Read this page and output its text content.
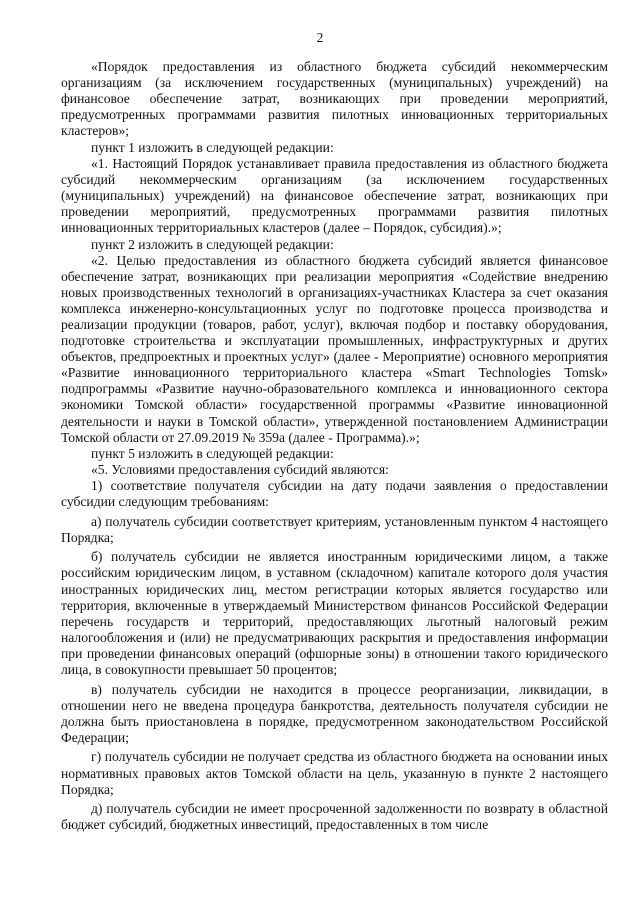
2

«Порядок предоставления из областного бюджета субсидий некоммерческим организациям (за исключением государственных (муниципальных) учреждений) на финансовое обеспечение затрат, возникающих при проведении мероприятий, предусмотренных программами развития пилотных инновационных территориальных кластеров»;

пункт 1 изложить в следующей редакции:

«1. Настоящий Порядок устанавливает правила предоставления из областного бюджета субсидий некоммерческим организациям (за исключением государственных (муниципальных) учреждений) на финансовое обеспечение затрат, возникающих при проведении мероприятий, предусмотренных программами развития пилотных инновационных территориальных кластеров (далее – Порядок, субсидия).»;

пункт 2 изложить в следующей редакции:

«2. Целью предоставления из областного бюджета субсидий является финансовое обеспечение затрат, возникающих при реализации мероприятия «Содействие внедрению новых производственных технологий в организациях-участниках Кластера за счет оказания комплекса инженерно-консультационных услуг по подготовке процесса производства и реализации продукции (товаров, работ, услуг), включая подбор и поставку оборудования, подготовке строительства и эксплуатации промышленных, инфраструктурных и других объектов, предпроектных и проектных услуг» (далее - Мероприятие) основного мероприятия «Развитие инновационного территориального кластера «Smart Technologies Tomsk» подпрограммы «Развитие научно-образовательного комплекса и инновационного сектора экономики Томской области» государственной программы «Развитие инновационной деятельности и науки в Томской области», утвержденной постановлением Администрации Томской области от 27.09.2019 № 359а (далее - Программа).»;

пункт 5 изложить в следующей редакции:

«5. Условиями предоставления субсидий являются:

1) соответствие получателя субсидии на дату подачи заявления о предоставлении субсидии следующим требованиям:

а) получатель субсидии соответствует критериям, установленным пунктом 4 настоящего Порядка;

б) получатель субсидии не является иностранным юридическими лицом, а также российским юридическим лицом, в уставном (складочном) капитале которого доля участия иностранных юридических лиц, местом регистрации которых является государство или территория, включенные в утверждаемый Министерством финансов Российской Федерации перечень государств и территорий, предоставляющих льготный налоговый режим налогообложения и (или) не предусматривающих раскрытия и предоставления информации при проведении финансовых операций (офшорные зоны) в отношении такого юридического лица, в совокупности превышает 50 процентов;

в) получатель субсидии не находится в процессе реорганизации, ликвидации, в отношении него не введена процедура банкротства, деятельность получателя субсидии не должна быть приостановлена в порядке, предусмотренном законодательством Российской Федерации;

г) получатель субсидии не получает средства из областного бюджета на основании иных нормативных правовых актов Томской области на цель, указанную в пункте 2 настоящего Порядка;

д) получатель субсидии не имеет просроченной задолженности по возврату в областной бюджет субсидий, бюджетных инвестиций, предоставленных в том числе
